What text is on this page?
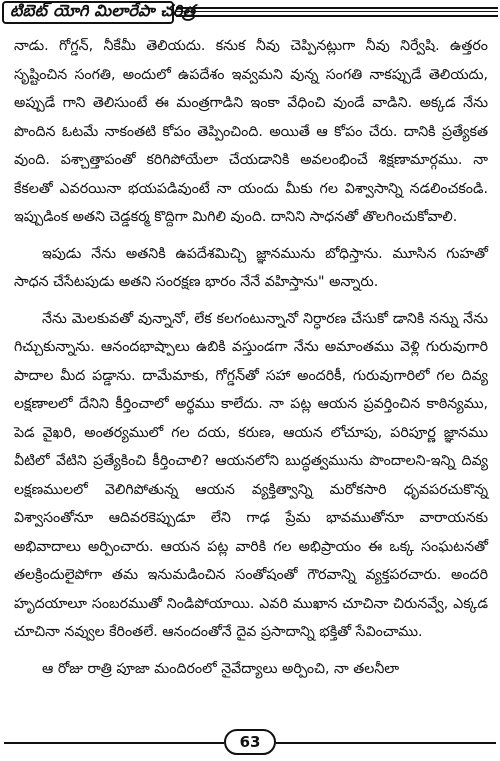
టిబెట్ యోగి మిలారేపా చరిత్ర

నాడు. గోగ్డన్, నీకేమీ తెలియదు. కనుక నీవు చెప్పినట్లుగా నీవు నిర్వేషి. ఉత్తరం సృష్టించిన సంగతి, అందులో ఉపదేశం ఇవ్వమని వున్న సంగతి నాకప్పుడే తెలియదు, అప్పుడే గాని తెలిసుంటే ఈ మంత్రగాడిని ఇంకా వేధించి వుండే వాడిని. అక్కడ నేను పొందిన ఓటమే నాకంతటి కోపం తెప్పించింది. అయితే ఆ కోపం చేరు. దానికి ప్రత్యేకత వుంది. పశ్చాత్తాపంతో కరిగిపోయేలా చేయడానికి అవలంభించే శిక్షణామార్గము. నా కేకలతో ఎవరయినా భయపడివుంటే నా యందు మీకు గల విశ్వాసాన్ని నడలించకండి. ఇప్పుడింక అతని చెడ్డకర్మ కొద్దిగా మిగిలి వుంది. దానిని సాధనతో తొలగించుకోవాలి.

ఇపుడు నేను అతనికి ఉపదేశమిచ్చి జ్ఞానమును బోధిస్తాను. మూసిన గుహతో సాధన చేసేటపుడు అతని సంరక్షణ భారం నేనే వహిస్తాను" అన్నారు.

నేను మెలకువతో వున్నానో, లేక కలగంటున్నానో నిర్ధారణ చేసుకో డానికి నన్ను నేను గిచ్చుకున్నాను. ఆనందభాష్పాలు ఉబికి వస్తుండగా నేను అమాంతము వెళ్లి గురువుగారి పాదాల మీద పడ్డాను. దామేమాకు, గోగ్డన్‌తో సహా అందరికీ, గురువుగారిలో గల దివ్య లక్షణాలలో దేనిని కీర్తించాలో అర్థము కాలేదు. నా పట్ల ఆయన ప్రవర్తించిన కాఠిన్యము, పెడ వైఖరి, అంతర్యములో గల దయ, కరుణ, ఆయన లోచూపు, పరిపూర్ణ జ్ఞానము వీటిలో వేటిని ప్రత్యేకించి కీర్తించాలి? ఆయనలోని బుద్ధత్వమును పొందాలని-ఇన్ని దివ్య లక్షణములలో వెలిగిపోతున్న ఆయన వ్యక్తిత్వాన్ని మరోకసారి ధృవపరచుకొన్న విశ్వాసంతోనూ ఆదివరకెప్పుడూ లేని గాఢ ప్రేమ భావముతోనూ వారాయనకు అభివాదాలు అర్పించారు. ఆయన పట్ల వారికి గల అభిప్రాయం ఈ ఒక్క సంఘటనతో తలక్రిందులైపోగా తమ ఇనుమడించిన సంతోషంతో గౌరవాన్ని వ్యక్తపరచారు. అందరి హృదయాలూ సంబరముతో నిండిపోయాయి. ఎవరి ముఖాన చూచినా చిరునవ్వే, ఎక్కడ చూచినా నవ్వుల కేరింతలే. ఆనందంతోనే దైవ ప్రసాదాన్ని భక్తితో సేవించాము.

ఆ రోజు రాత్రి పూజా మందిరంలో నైవేద్యాలు అర్పించి, నా తలనీలా

63
